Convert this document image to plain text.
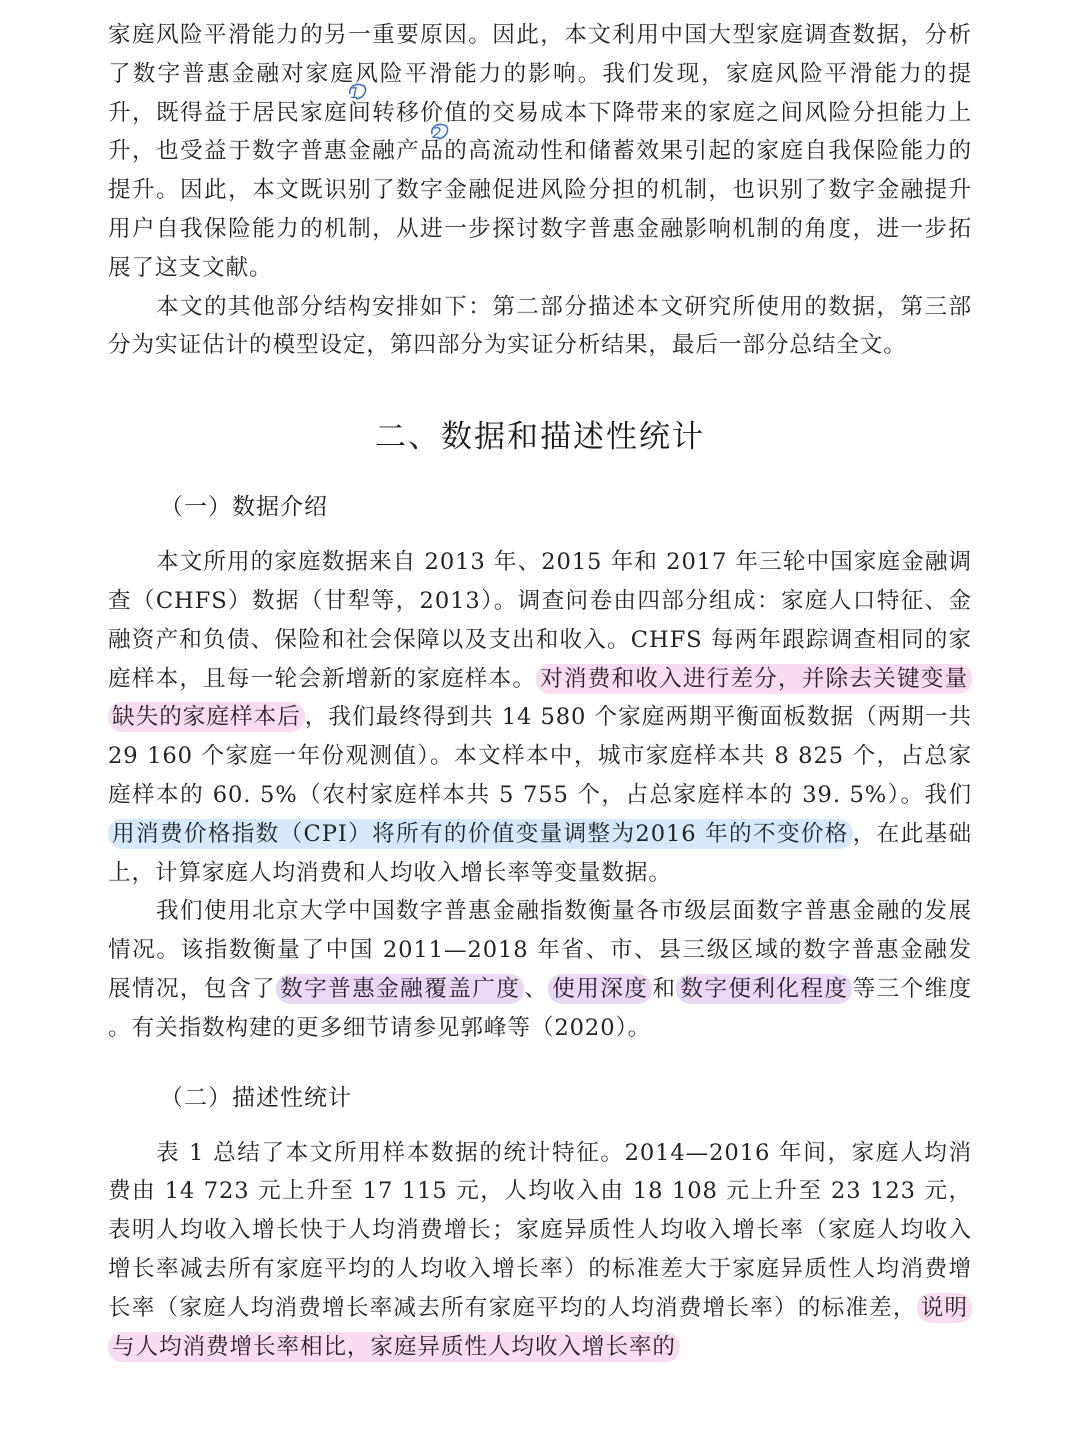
家庭风险平滑能力的另一重要原因。因此，本文利用中国大型家庭调查数据，分析了数字普惠金融对家庭风险平滑能力的影响。我们发现，家庭风险平滑能力的提升，既得益于居民家庭间转移价值的交易成本下降带来的家庭之间风险分担能力上升，也受益于数字普惠金融产品的高流动性和储蓄效果引起的家庭自我保险能力的提升。因此，本文既识别了数字金融促进风险分担的机制，也识别了数字金融提升用户自我保险能力的机制，从进一步探讨数字普惠金融影响机制的角度，进一步拓展了这支文献。

本文的其他部分结构安排如下：第二部分描述本文研究所使用的数据，第三部分为实证估计的模型设定，第四部分为实证分析结果，最后一部分总结全文。

二、数据和描述性统计
（一）数据介绍

本文所用的家庭数据来自 2013 年、2015 年和 2017 年三轮中国家庭金融调查（CHFS）数据（甘犁等，2013）。调查问卷由四部分组成：家庭人口特征、金融资产和负债、保险和社会保障以及支出和收入。CHFS 每两年跟踪调查相同的家庭样本，且每一轮会新增新的家庭样本。 对消费和收入进行差分，并除去关键变量缺失的家庭样本后 ，我们最终得到共 14 580 个家庭两期平衡面板数据（两期一共 29 160 个家庭一年份观测值）。本文样本中，城市家庭样本共 8 825 个，占总家庭样本的 60. 5%（农村家庭样本共 5 755 个，占总家庭样本的 39. 5%）。我们用消费价格指数（CPI）将所有的价值变量调整为2016 年的不变价格 ，在此基础上，计算家庭人均消费和人均收入增长率等变量数据。

我们使用北京大学中国数字普惠金融指数衡量各市级层面数字普惠金融的发展情况。该指数衡量了中国 2011—2018 年省、市、县三级区域的数字普惠金融发展情况，包含了 数字普惠金融覆盖广度 、 使用深度 和 数字便利化程度 等三个维度 。有关指数构建的更多细节请参见郭峰等（2020）。

（二）描述性统计

表 1 总结了本文所用样本数据的统计特征。2014—2016 年间，家庭人均消费由 14 723 元上升至 17 115 元，人均收入由 18 108 元上升至 23 123 元，表明人均收入增长快于人均消费增长；家庭异质性人均收入增长率（家庭人均收入增长率减去所有家庭平均的人均收入增长率）的标准差大于家庭异质性人均消费增长率（家庭人均消费增长率减去所有家庭平均的人均消费增长率）的标准差， 说明与人均消费增长率相比，家庭异质性人均收入增长率的

1
2
